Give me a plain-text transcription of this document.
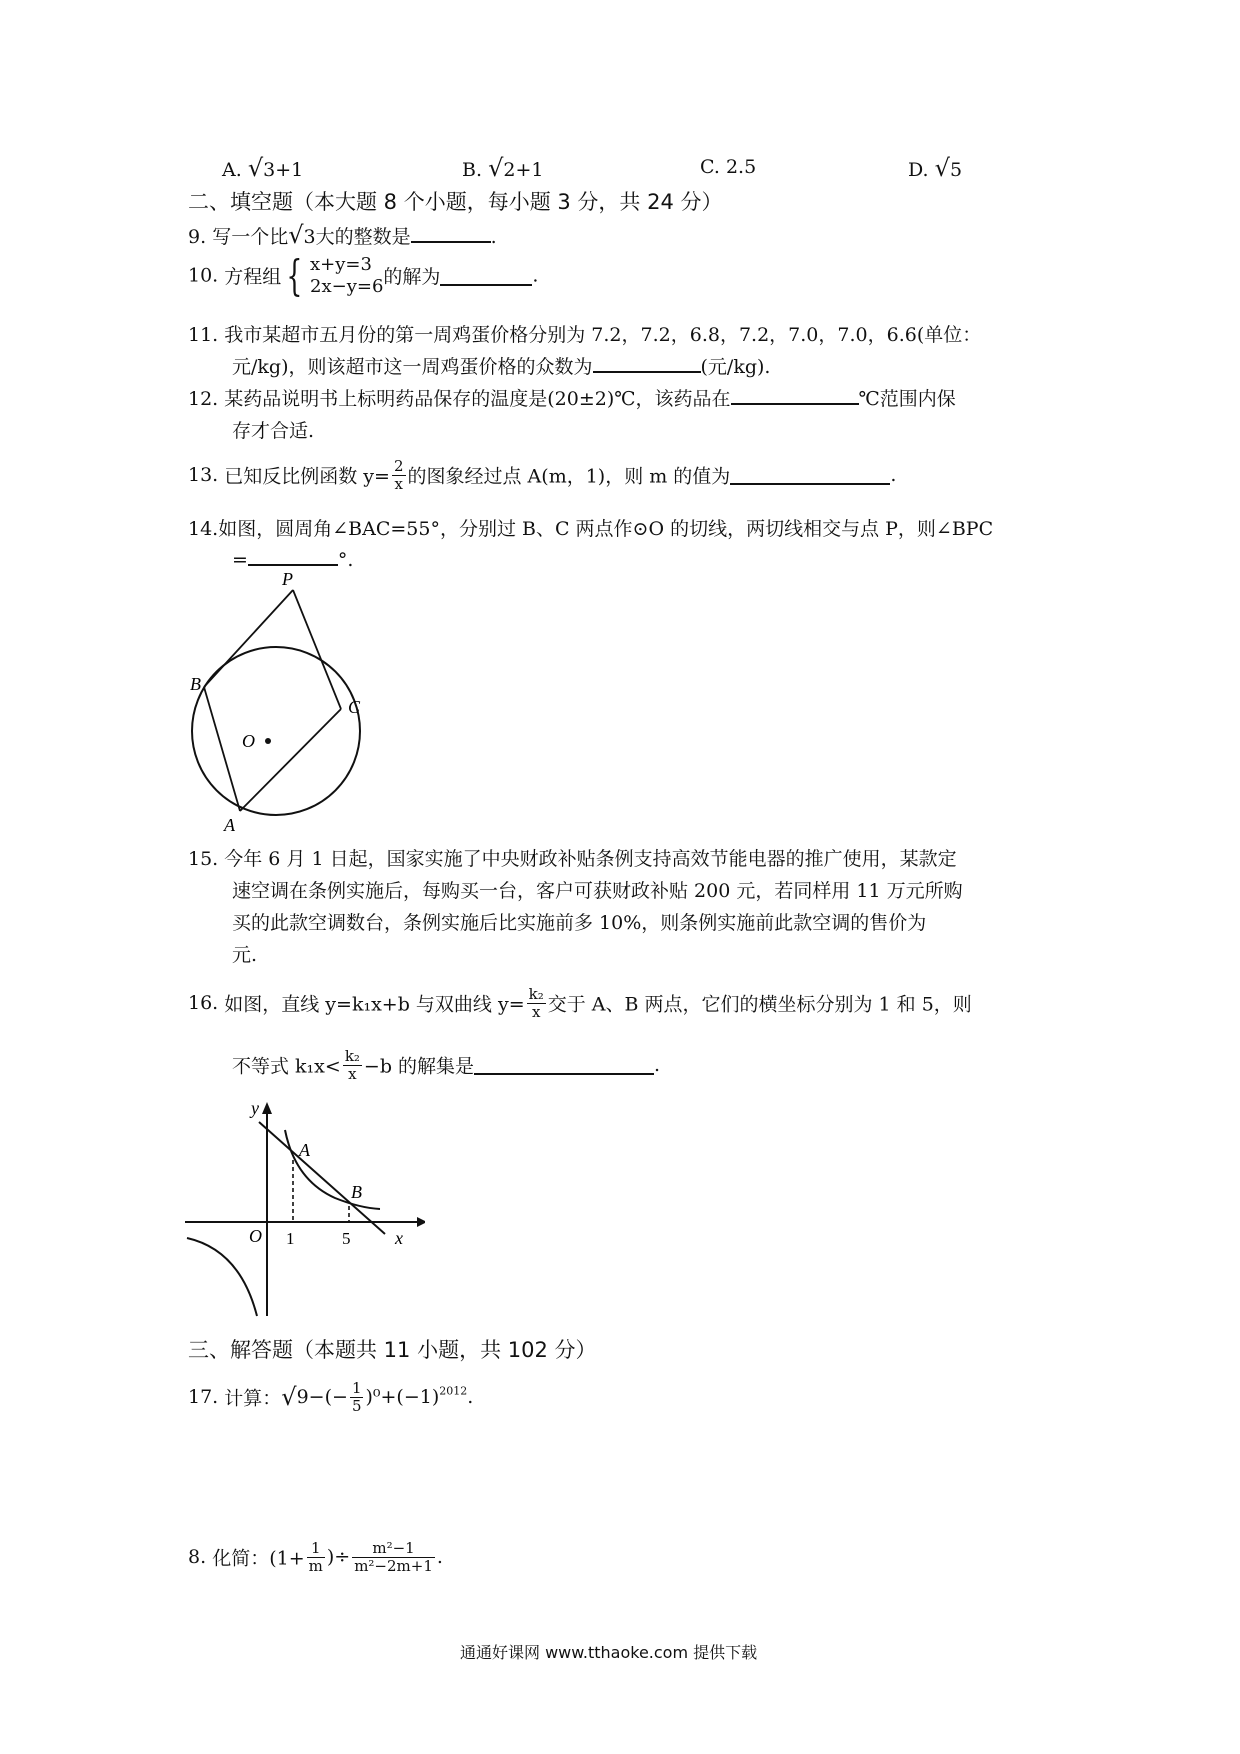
A. √3+1	B. √2+1	C. 2.5	D. √5
二、填空题（本大题 8 个小题，每小题 3 分，共 24 分）
9. 写一个比√3大的整数是	.
10. 方程组 { x+y=3
2x−y=6 的解为	.
11. 我市某超市五月份的第一周鸡蛋价格分别为 7.2，7.2，6.8，7.2，7.0，7.0，6.6(单位：
元/kg)，则该超市这一周鸡蛋价格的众数为	(元/kg).
12. 某药品说明书上标明药品保存的温度是(20±2)℃，该药品在	℃范围内保
存才合适.
13. 已知反比例函数 $y= \frac{2}{x}$ 的图象经过点 A(m，1)，则 m 的值为	.
14.如图，圆周角∠BAC=55°，分别过 B、C 两点作⊙O 的切线，两切线相交与点 P，则∠BPC
=	°.
P
B
C
O
A
15. 今年 6 月 1 日起，国家实施了中央财政补贴条例支持高效节能电器的推广使用，某款定
速空调在条例实施后，每购买一台，客户可获财政补贴 200 元，若同样用 11 万元所购
买的此款空调数台，条例实施后比实施前多 10%，则条例实施前此款空调的售价为
元.
16. 如图，直线 y=k₁x+b 与双曲线 $y= \frac{\text{k₂}}{x}$ 交于 A、B 两点，它们的横坐标分别为 1 和 5，则
不等式 $k_1x< \frac{\text{k₂}}{x} -b$ 的解集是	.
y
x
O 1	5
A
B
三、解答题（本题共 11 小题，共 102 分）
17. 计算：$√9-(- \frac{1}{5} )^0+(-1)^{2012}$.
8. 化简：($1+ \frac{1}{m}$ )÷ $\frac{\text{m²−1}}{\text{m²−2m+1}}$ .
通通好课网 www.tthaoke.com 提供下载
